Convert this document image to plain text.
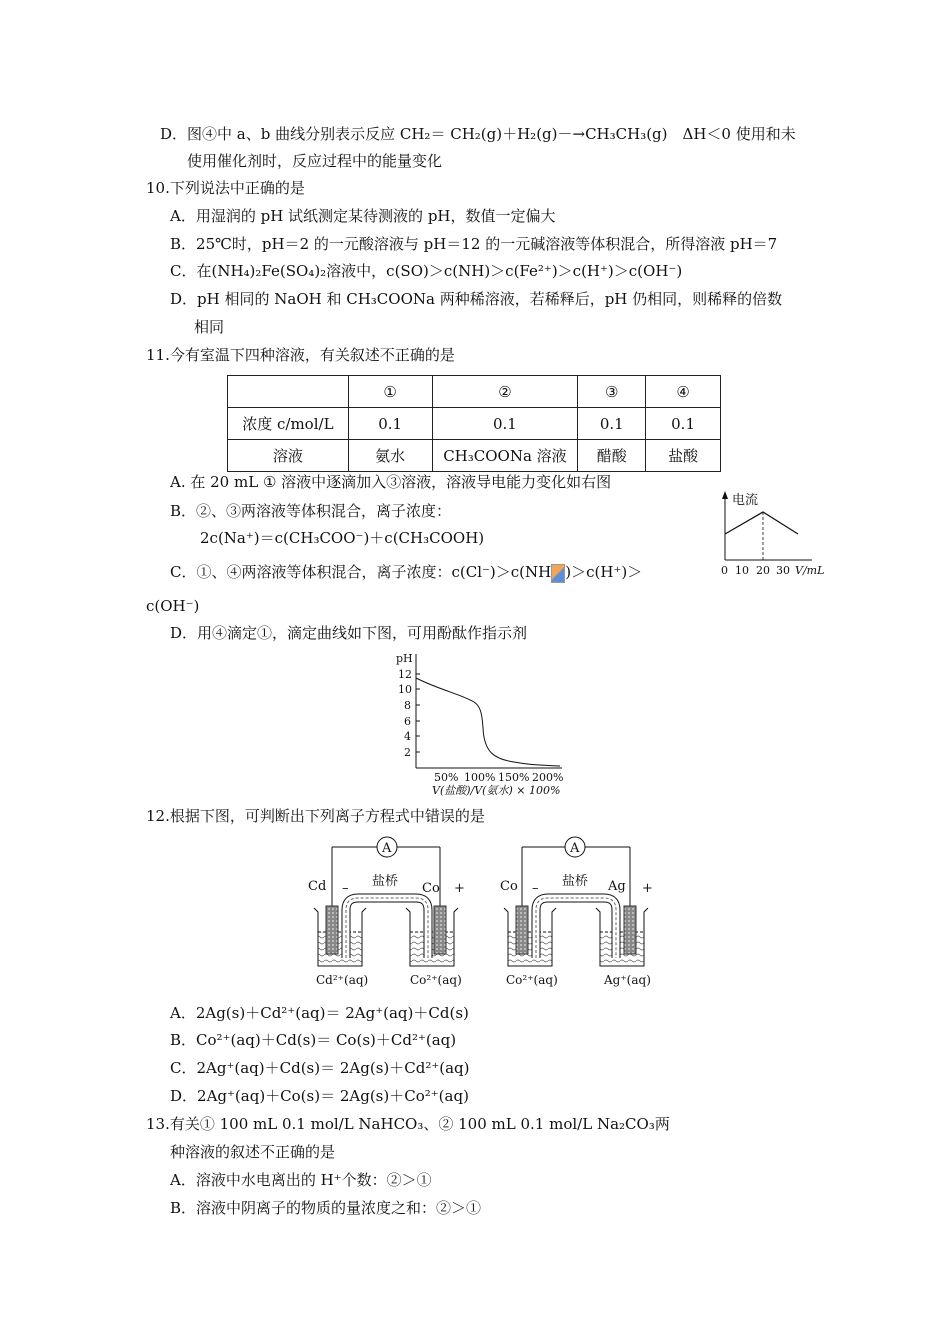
D．图④中 a、b 曲线分别表示反应 CH₂＝ CH₂(g)＋H₂(g)－→CH₃CH₃(g)　ΔH＜0 使用和未
使用催化剂时，反应过程中的能量变化
10.下列说法中正确的是
A．用湿润的 pH 试纸测定某待测液的 pH，数值一定偏大
B．25℃时，pH＝2 的一元酸溶液与 pH＝12 的一元碱溶液等体积混合，所得溶液 pH＝7
C．在(NH₄)₂Fe(SO₄)₂溶液中，c(SO)＞c(NH)＞c(Fe²⁺)＞c(H⁺)＞c(OH⁻)
D．pH 相同的 NaOH 和 CH₃COONa 两种稀溶液，若稀释后，pH 仍相同，则稀释的倍数
相同
11.今有室温下四种溶液，有关叙述不正确的是
	①	②	③	④
浓度 c/mol/L	0.1	0.1	0.1	0.1
溶液	氨水	CH₃COONa 溶液	醋酸	盐酸
A. 在 20 mL ① 溶液中逐滴加入③溶液，溶液导电能力变化如右图
B．②、③两溶液等体积混合，离子浓度：
2c(Na⁺)＝c(CH₃COO⁻)＋c(CH₃COOH)
C．①、④两溶液等体积混合，离子浓度：c(Cl⁻)＞c(NH )＞c(H⁺)＞
c(OH⁻)
D．用④滴定①，滴定曲线如下图，可用酚酞作指示剂
电流
0 10 20 30 V/mL
pH
12
10
8
6
4
2
50% 100% 150% 200%
V(盐酸)/V(氨水) × 100%
12.根据下图，可判断出下列离子方程式中错误的是
A
Cd – 盐桥 Co +
Cd²⁺(aq)	Co²⁺(aq)
A
Co – 盐桥 Ag +
Co²⁺(aq)	Ag⁺(aq)
A．2Ag(s)＋Cd²⁺(aq)＝ 2Ag⁺(aq)＋Cd(s)
B．Co²⁺(aq)＋Cd(s)＝ Co(s)＋Cd²⁺(aq)
C．2Ag⁺(aq)＋Cd(s)＝ 2Ag(s)＋Cd²⁺(aq)
D．2Ag⁺(aq)＋Co(s)＝ 2Ag(s)＋Co²⁺(aq)
13.有关① 100 mL 0.1 mol/L NaHCO₃、② 100 mL 0.1 mol/L Na₂CO₃两
种溶液的叙述不正确的是
A．溶液中水电离出的 H⁺个数：②＞①
B．溶液中阴离子的物质的量浓度之和：②＞①
